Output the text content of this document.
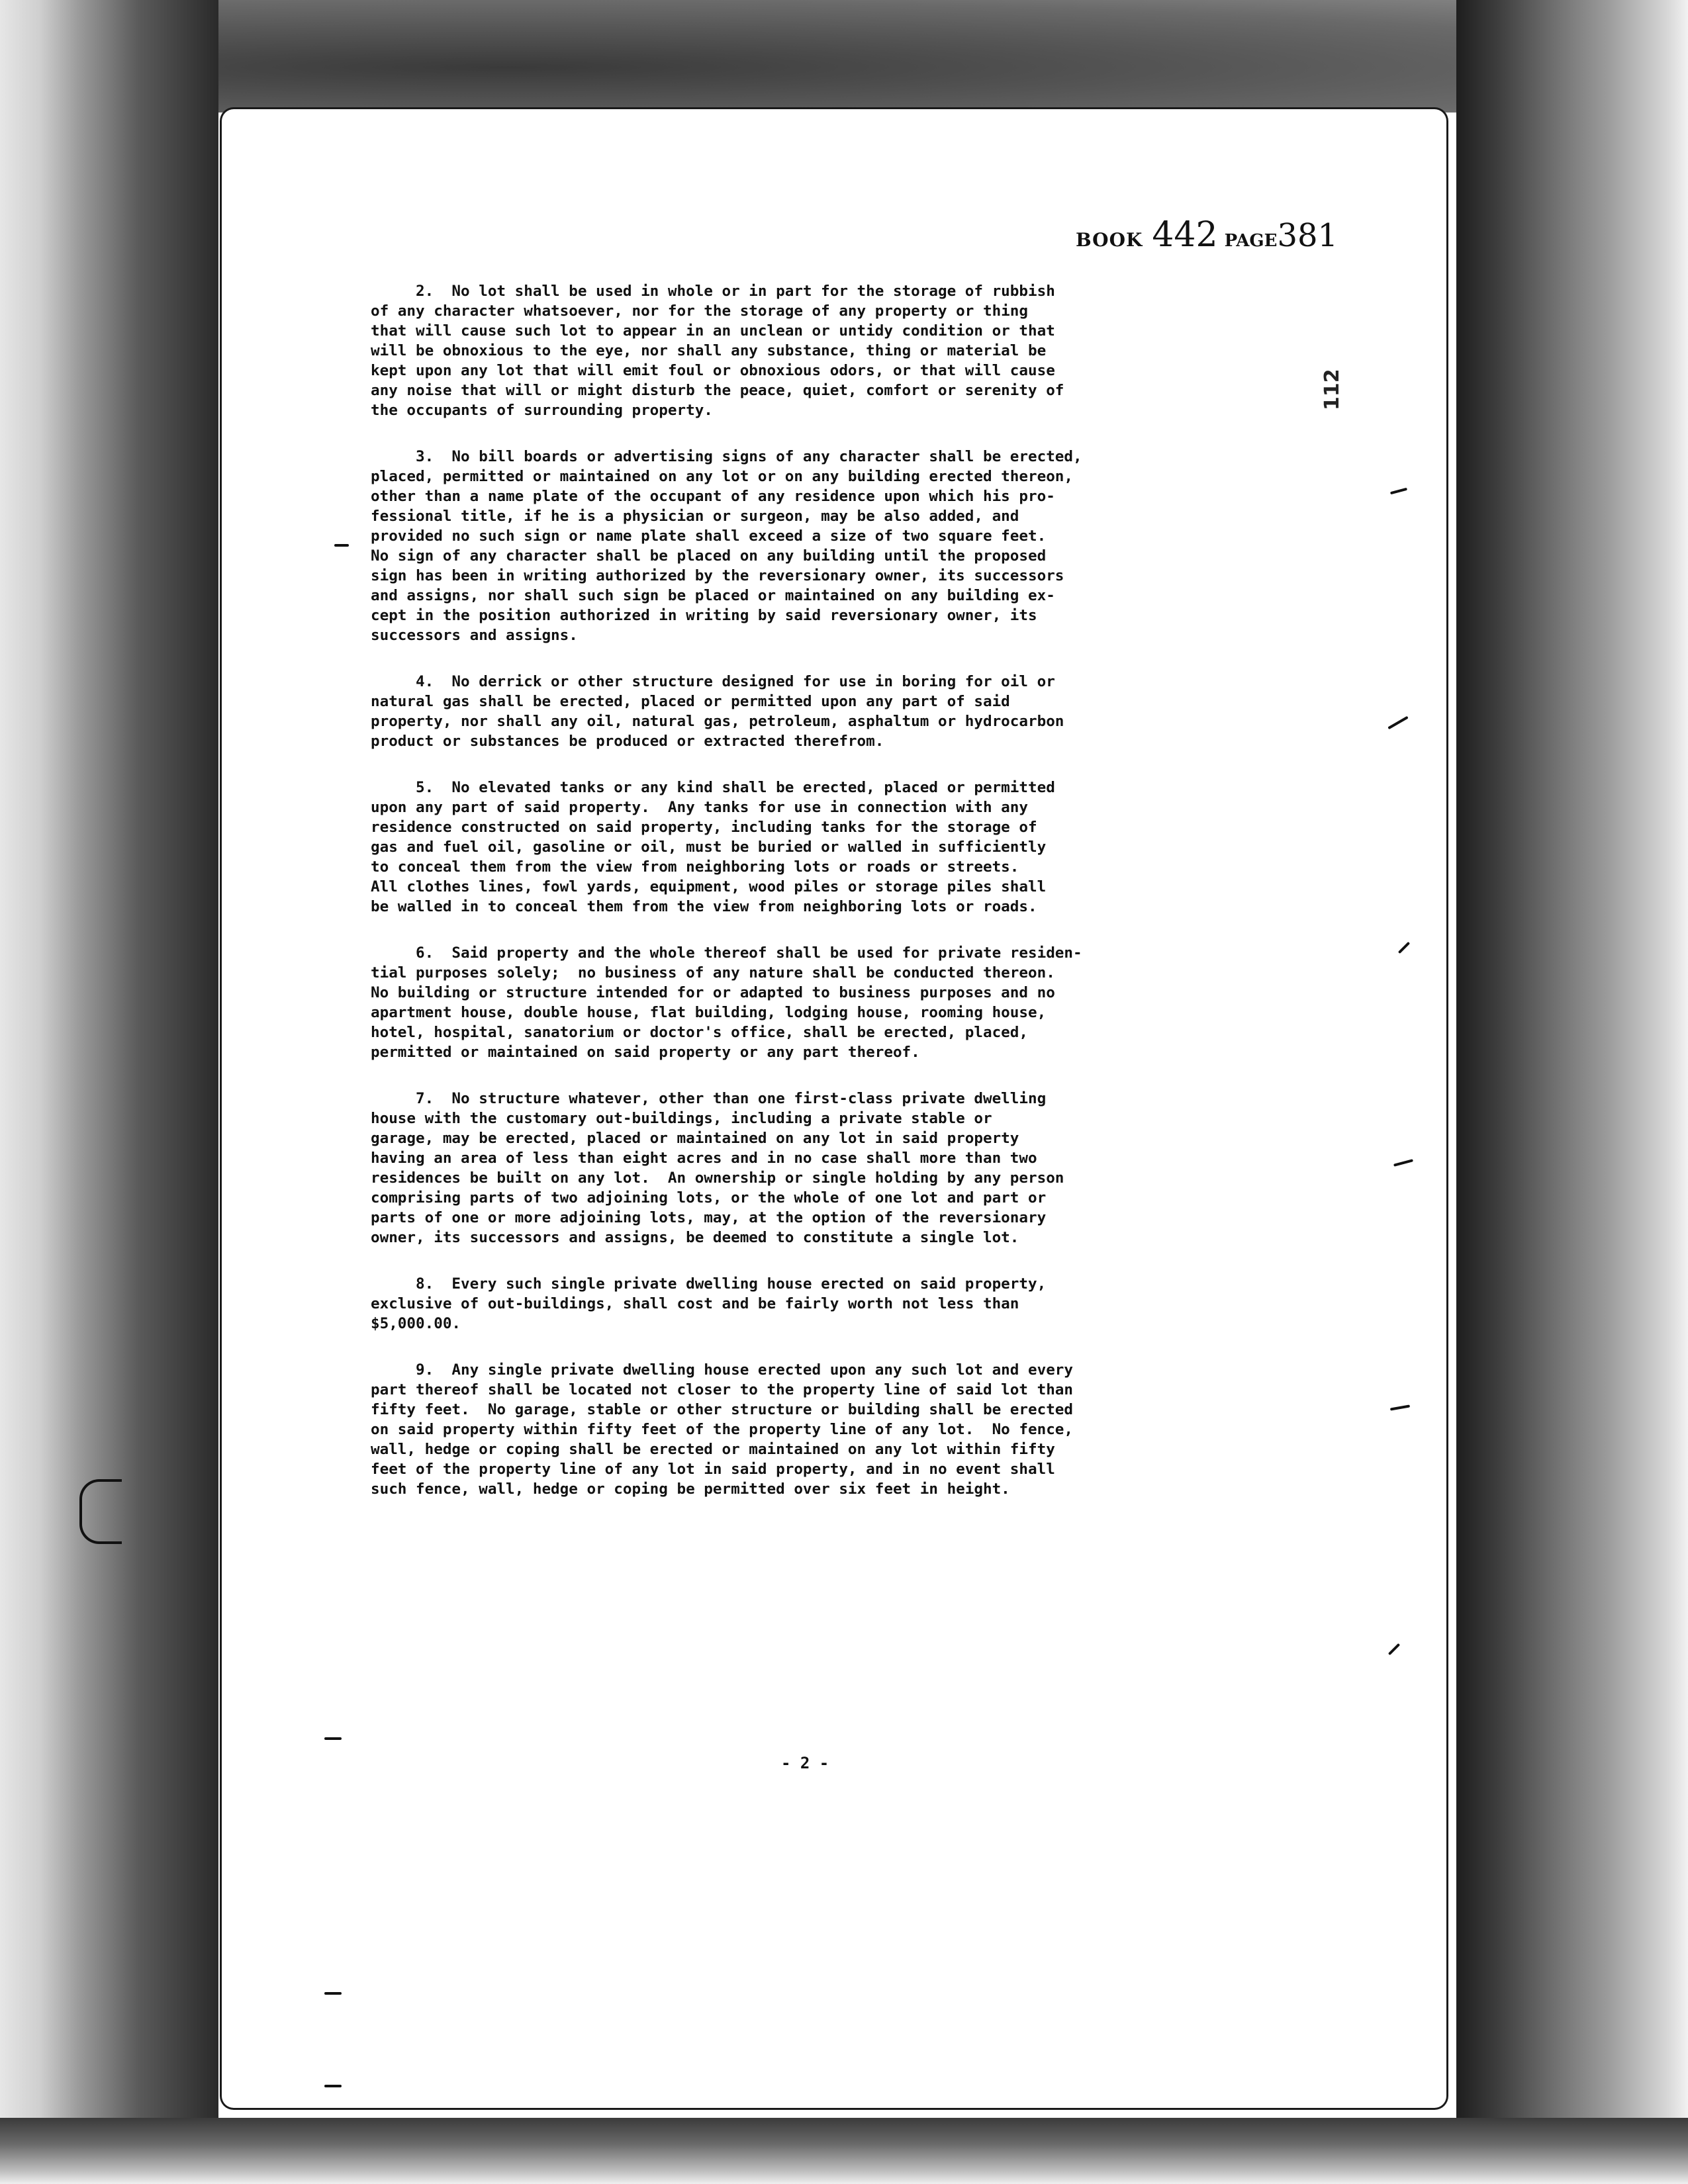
BOOK 442 PAGE381
112

2.  No lot shall be used in whole or in part for the storage of rubbish
of any character whatsoever, nor for the storage of any property or thing
that will cause such lot to appear in an unclean or untidy condition or that
will be obnoxious to the eye, nor shall any substance, thing or material be
kept upon any lot that will emit foul or obnoxious odors, or that will cause
any noise that will or might disturb the peace, quiet, comfort or serenity of
the occupants of surrounding property.

3.  No bill boards or advertising signs of any character shall be erected,
placed, permitted or maintained on any lot or on any building erected thereon,
other than a name plate of the occupant of any residence upon which his pro-
fessional title, if he is a physician or surgeon, may be also added, and
provided no such sign or name plate shall exceed a size of two square feet.
No sign of any character shall be placed on any building until the proposed
sign has been in writing authorized by the reversionary owner, its successors
and assigns, nor shall such sign be placed or maintained on any building ex-
cept in the position authorized in writing by said reversionary owner, its
successors and assigns.

4.  No derrick or other structure designed for use in boring for oil or
natural gas shall be erected, placed or permitted upon any part of said
property, nor shall any oil, natural gas, petroleum, asphaltum or hydrocarbon
product or substances be produced or extracted therefrom.

5.  No elevated tanks or any kind shall be erected, placed or permitted
upon any part of said property.  Any tanks for use in connection with any
residence constructed on said property, including tanks for the storage of
gas and fuel oil, gasoline or oil, must be buried or walled in sufficiently
to conceal them from the view from neighboring lots or roads or streets.
All clothes lines, fowl yards, equipment, wood piles or storage piles shall
be walled in to conceal them from the view from neighboring lots or roads.

6.  Said property and the whole thereof shall be used for private residen-
tial purposes solely;  no business of any nature shall be conducted thereon.
No building or structure intended for or adapted to business purposes and no
apartment house, double house, flat building, lodging house, rooming house,
hotel, hospital, sanatorium or doctor's office, shall be erected, placed,
permitted or maintained on said property or any part thereof.

7.  No structure whatever, other than one first-class private dwelling
house with the customary out-buildings, including a private stable or
garage, may be erected, placed or maintained on any lot in said property
having an area of less than eight acres and in no case shall more than two
residences be built on any lot.  An ownership or single holding by any person
comprising parts of two adjoining lots, or the whole of one lot and part or
parts of one or more adjoining lots, may, at the option of the reversionary
owner, its successors and assigns, be deemed to constitute a single lot.

8.  Every such single private dwelling house erected on said property,
exclusive of out-buildings, shall cost and be fairly worth not less than
$5,000.00.

9.  Any single private dwelling house erected upon any such lot and every
part thereof shall be located not closer to the property line of said lot than
fifty feet.  No garage, stable or other structure or building shall be erected
on said property within fifty feet of the property line of any lot.  No fence,
wall, hedge or coping shall be erected or maintained on any lot within fifty
feet of the property line of any lot in said property, and in no event shall
such fence, wall, hedge or coping be permitted over six feet in height.

- 2 -
